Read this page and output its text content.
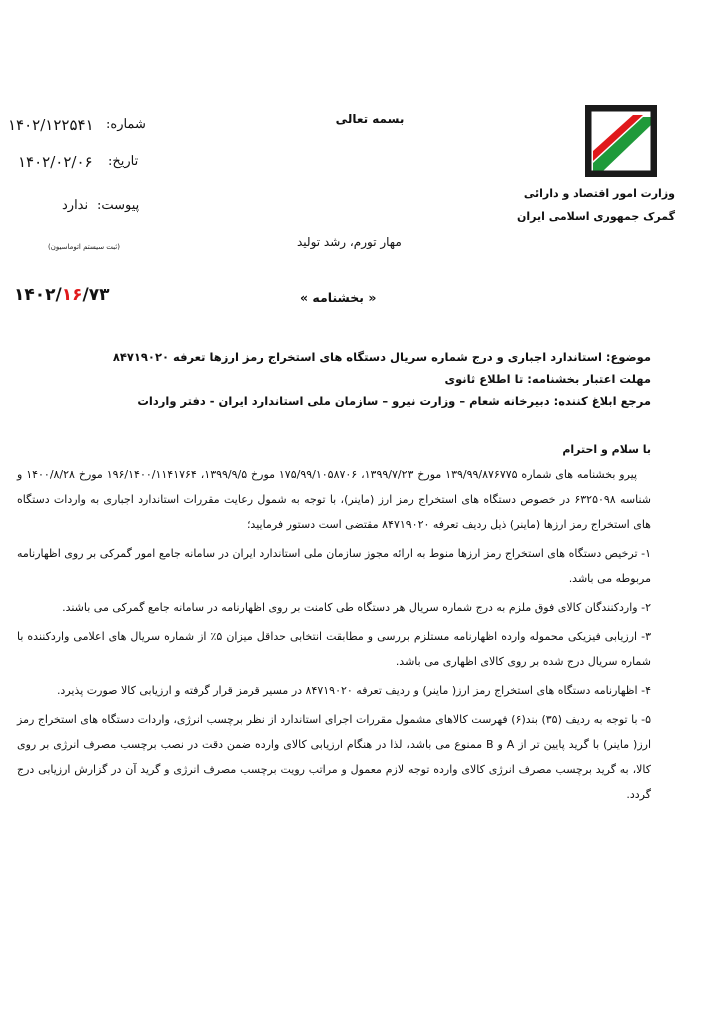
بسمه تعالی
شماره:
۱۴۰۲/۱۲۲۵۴۱
تاریخ:
۱۴۰۲/۰۲/۰۶
پیوست:
ندارد
(ثبت سیستم اتوماسیون)
وزارت امور اقتصاد و دارائی
گمرک جمهوری اسلامی ایران
مهار تورم، رشد تولید
۱۴۰۲/۱۶/۷۳	« بخشنامه »
موضوع: استاندارد اجباری و درج شماره سریال دستگاه های استخراج رمز ارزها تعرفه ۸۴۷۱۹۰۲۰
مهلت اعتبار بخشنامه: تا اطلاع ثانوی
مرجع ابلاغ کننده: دبیرخانه شعام – وزارت نیرو – سازمان ملی استاندارد ایران - دفتر واردات

با سلام و احترام

پیرو بخشنامه های شماره ۱۳۹/۹۹/۸۷۶۷۷۵ مورخ ۱۳۹۹/۷/۲۳، ۱۷۵/۹۹/۱۰۵۸۷۰۶ مورخ ۱۳۹۹/۹/۵، ۱۹۶/۱۴۰۰/۱۱۴۱۷۶۴ مورخ ۱۴۰۰/۸/۲۸ و شناسه ۶۳۲۵۰۹۸ در خصوص دستگاه های استخراج رمز ارز (ماینر)، با توجه به شمول رعایت مقررات استاندارد اجباری به واردات دستگاه های استخراج رمز ارزها (ماینر) ذیل ردیف تعرفه ۸۴۷۱۹۰۲۰ مقتضی است دستور فرمایید؛

۱- ترخیص دستگاه های استخراج رمز ارزها منوط به ارائه مجوز سازمان ملی استاندارد ایران در سامانه جامع امور گمرکی بر روی اظهارنامه مربوطه می باشد.

۲- واردکنندگان کالای فوق ملزم به درج شماره سریال هر دستگاه طی کامنت بر روی اظهارنامه در سامانه جامع گمرکی می باشند.

۳- ارزیابی فیزیکی محموله وارده اظهارنامه مستلزم بررسی و مطابقت انتخابی حداقل میزان ۵٪ از شماره سریال های اعلامی واردکننده با شماره سریال درج شده بر روی کالای اظهاری می باشد.

۴- اظهارنامه دستگاه های استخراج رمز ارز( ماینر) و ردیف تعرفه ۸۴۷۱۹۰۲۰ در مسیر قرمز قرار گرفته و ارزیابی کالا صورت پذیرد.

۵- با توجه به ردیف (۳۵) بند(۶) فهرست کالاهای مشمول مقررات اجرای استاندارد از نظر برچسب انرژی، واردات دستگاه های استخراج رمز ارز( ماینر) با گرید پایین تر از A و B ممنوع می باشد، لذا در هنگام ارزیابی کالای وارده ضمن دقت در نصب برچسب مصرف انرژی بر روی کالا، به گرید برچسب مصرف انرژی کالای وارده توجه لازم معمول و مراتب رویت برچسب مصرف انرژی و گرید آن در گزارش ارزیابی درج گردد.
